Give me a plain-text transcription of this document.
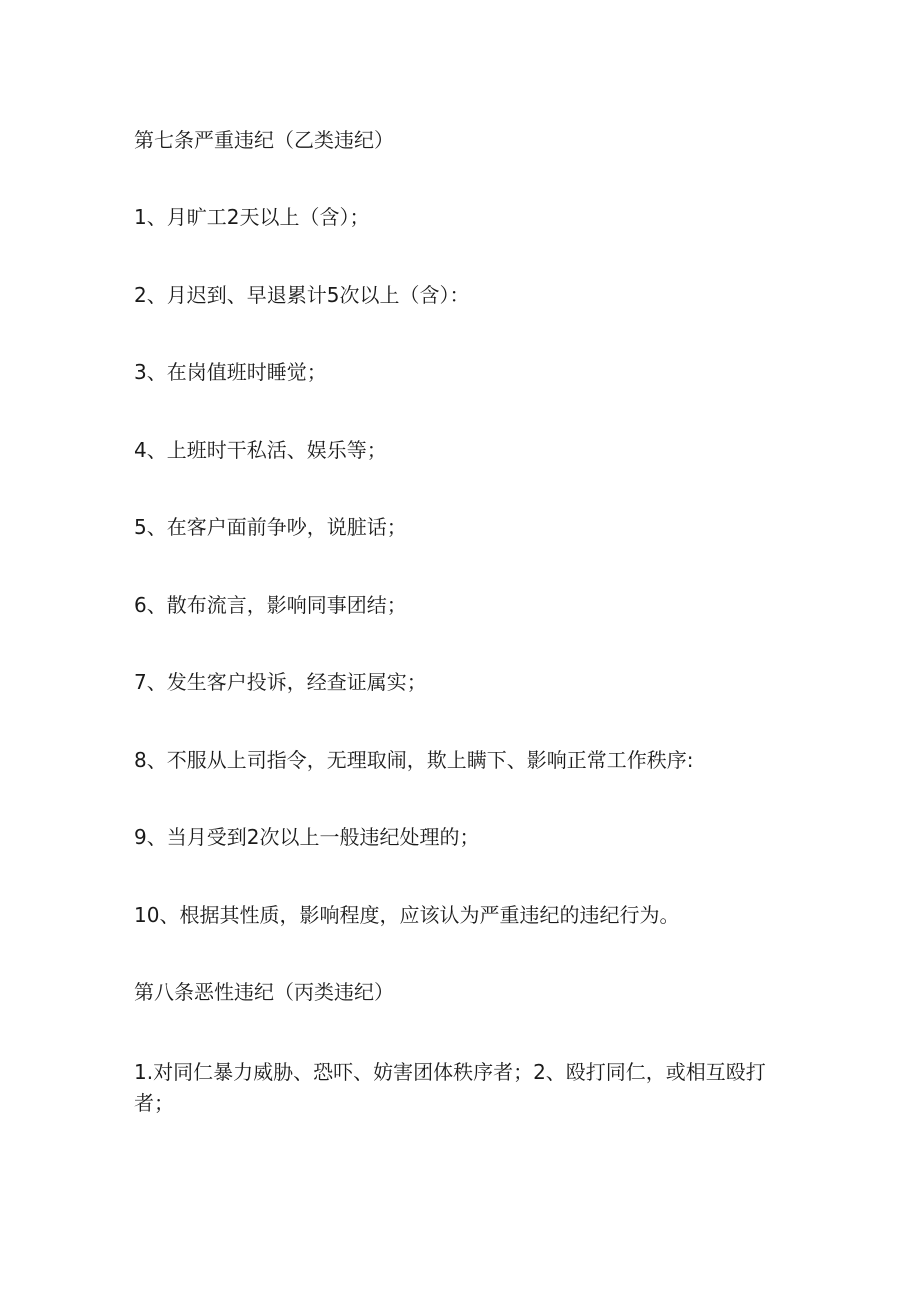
第七条严重违纪（乙类违纪）

1、月旷工2天以上（含）；

2、月迟到、早退累计5次以上（含）：

3、在岗值班时睡觉；

4、上班时干私活、娱乐等；

5、在客户面前争吵，说脏话；

6、散布流言，影响同事团结；

7、发生客户投诉，经查证属实；

8、不服从上司指令，无理取闹，欺上瞒下、影响正常工作秩序:

9、当月受到2次以上一般违纪处理的；

10、根据其性质，影响程度，应该认为严重违纪的违纪行为。

第八条恶性违纪（丙类违纪）

1.对同仁暴力威胁、恐吓、妨害团体秩序者；2、殴打同仁，或相互殴打者；
